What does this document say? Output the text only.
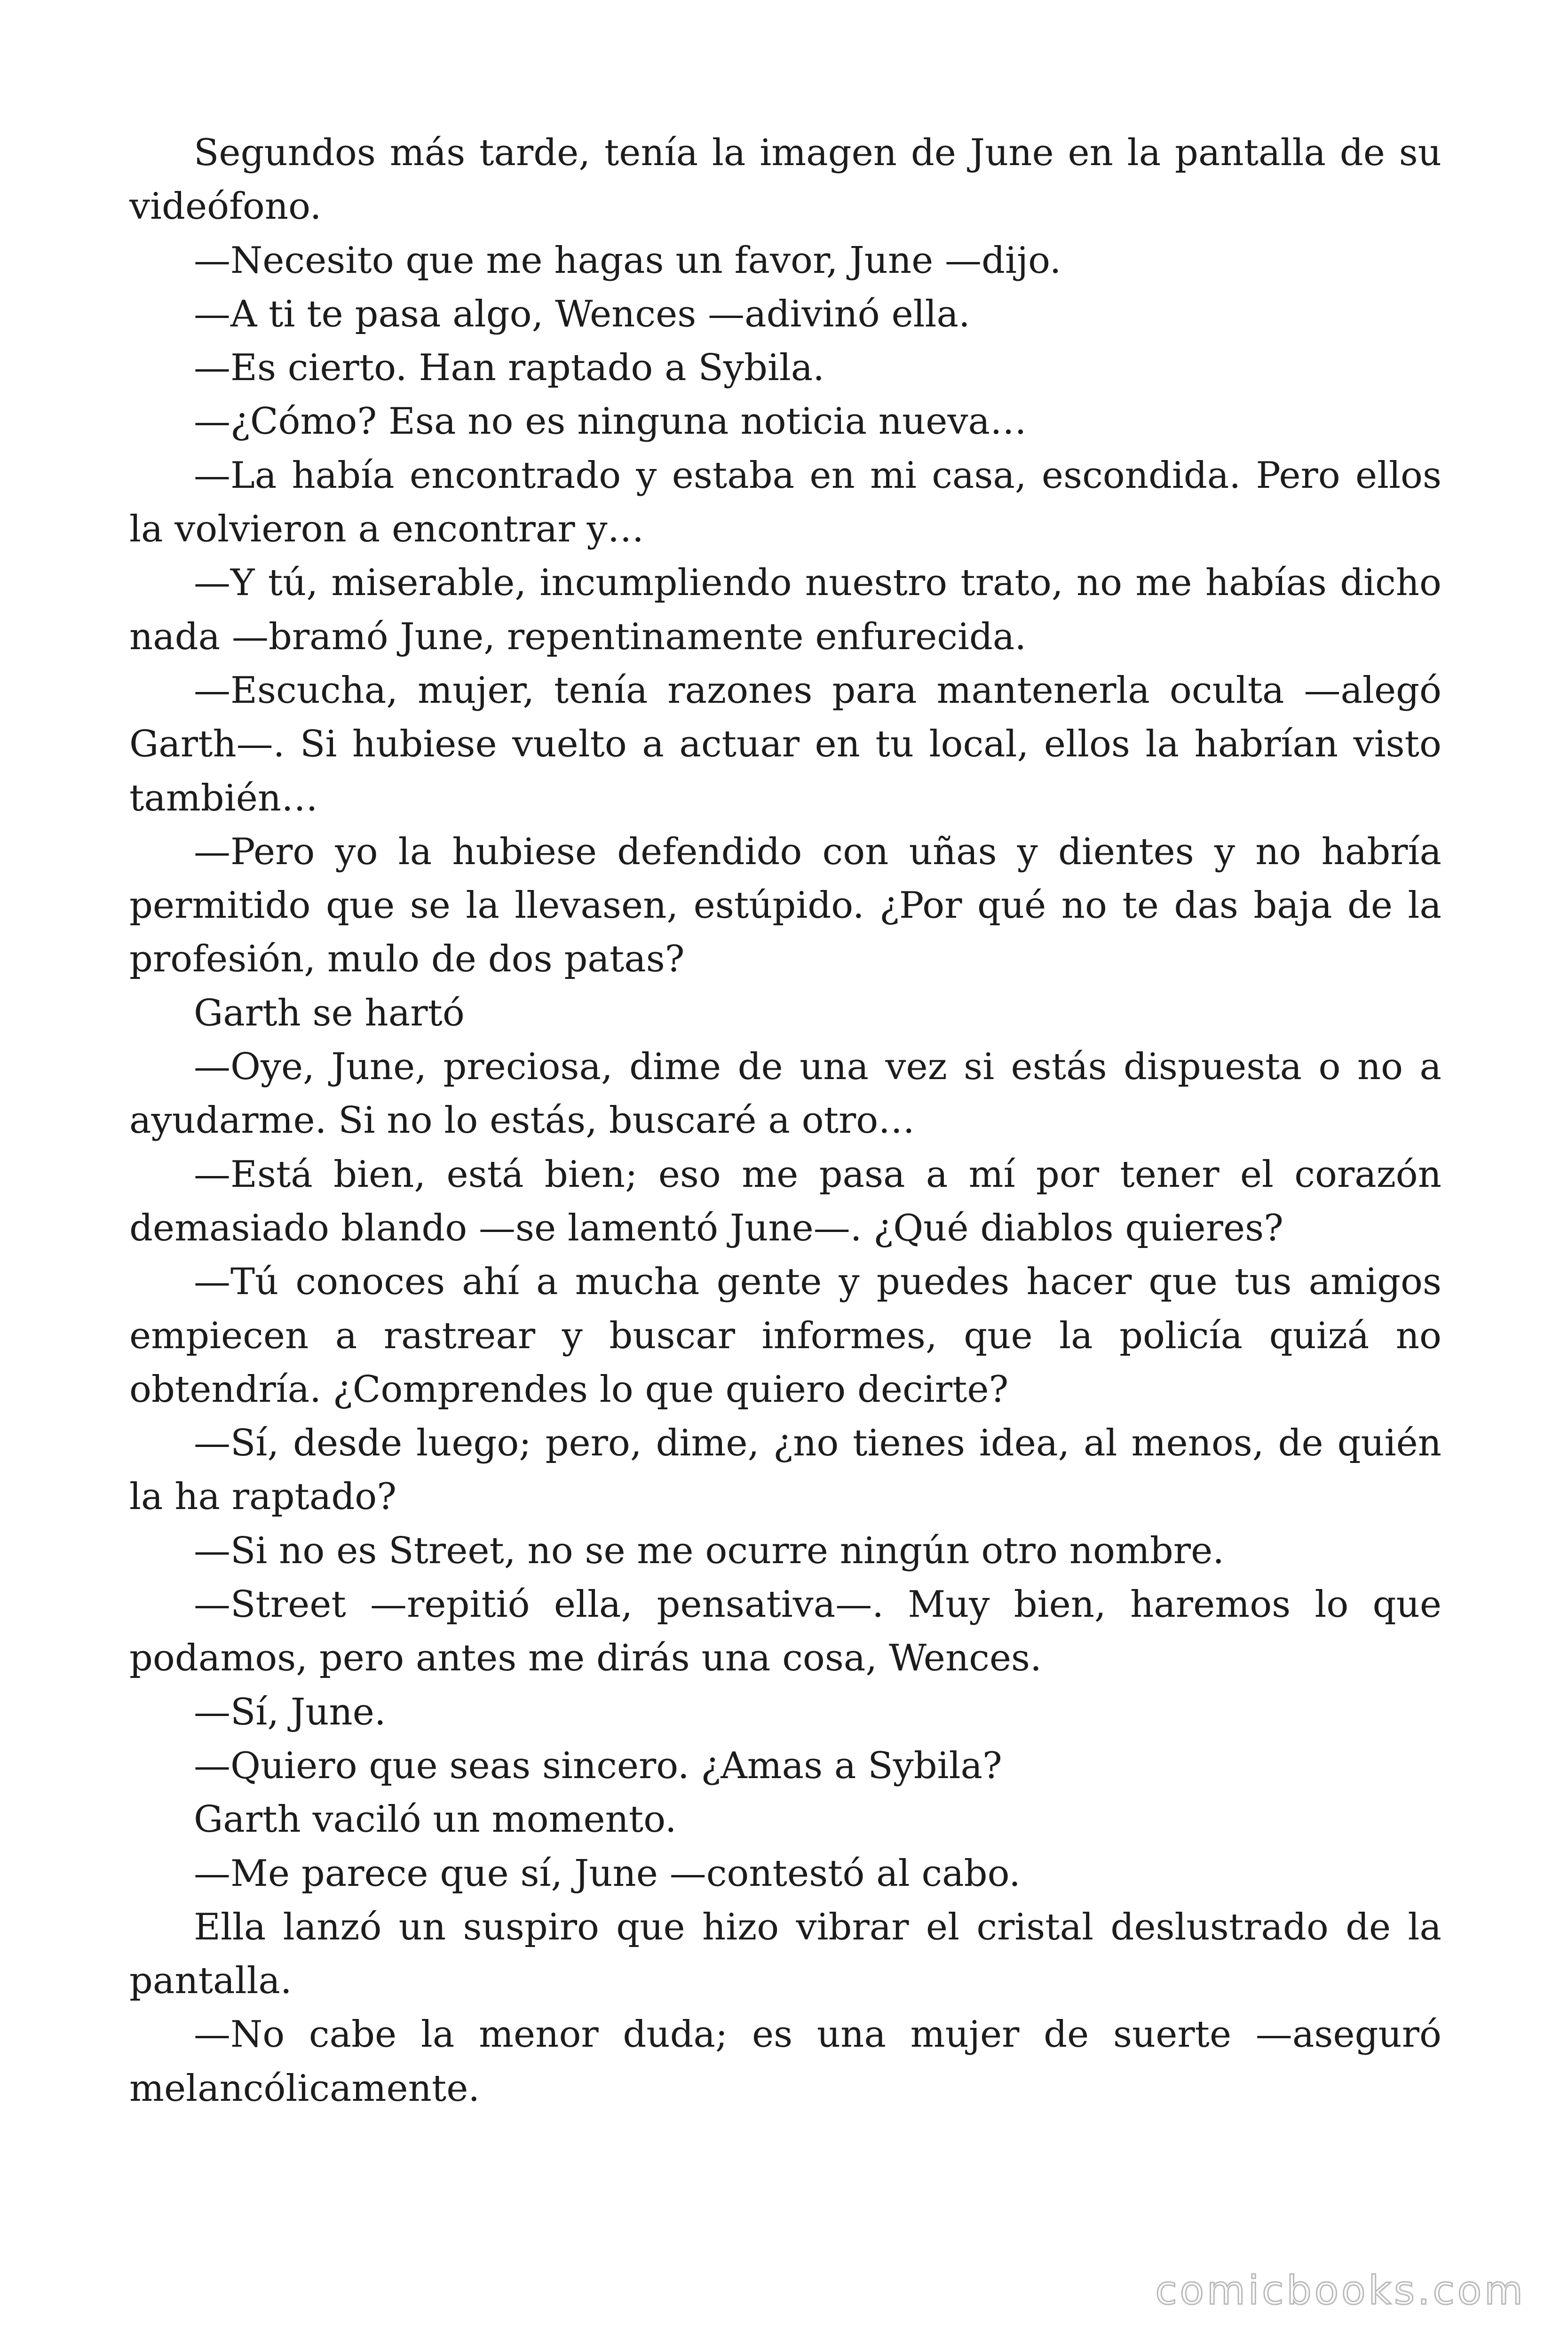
Segundos más tarde, tenía la imagen de June en la pantalla de su videófono.

—Necesito que me hagas un favor, June —dijo.

—A ti te pasa algo, Wences —adivinó ella.

—Es cierto. Han raptado a Sybila.

—¿Cómo? Esa no es ninguna noticia nueva…

—La había encontrado y estaba en mi casa, escondida. Pero ellos la volvieron a encontrar y…

—Y tú, miserable, incumpliendo nuestro trato, no me habías dicho nada —bramó June, repentinamente enfurecida.

—Escucha, mujer, tenía razones para mantenerla oculta —alegó Garth—. Si hubiese vuelto a actuar en tu local, ellos la habrían visto también…

—Pero yo la hubiese defendido con uñas y dientes y no habría permitido que se la llevasen, estúpido. ¿Por qué no te das baja de la profesión, mulo de dos patas?

Garth se hartó

—Oye, June, preciosa, dime de una vez si estás dispuesta o no a ayudarme. Si no lo estás, buscaré a otro…

—Está bien, está bien; eso me pasa a mí por tener el corazón demasiado blando —se lamentó June—. ¿Qué diablos quieres?

—Tú conoces ahí a mucha gente y puedes hacer que tus amigos empiecen a rastrear y buscar informes, que la policía quizá no obtendría. ¿Comprendes lo que quiero decirte?

—Sí, desde luego; pero, dime, ¿no tienes idea, al menos, de quién la ha raptado?

—Si no es Street, no se me ocurre ningún otro nombre.

—Street —repitió ella, pensativa—. Muy bien, haremos lo que podamos, pero antes me dirás una cosa, Wences.

—Sí, June.

—Quiero que seas sincero. ¿Amas a Sybila?

Garth vaciló un momento.

—Me parece que sí, June —contestó al cabo.

Ella lanzó un suspiro que hizo vibrar el cristal deslustrado de la pantalla.

—No cabe la menor duda; es una mujer de suerte —aseguró melancólicamente.

comicbooks.com
